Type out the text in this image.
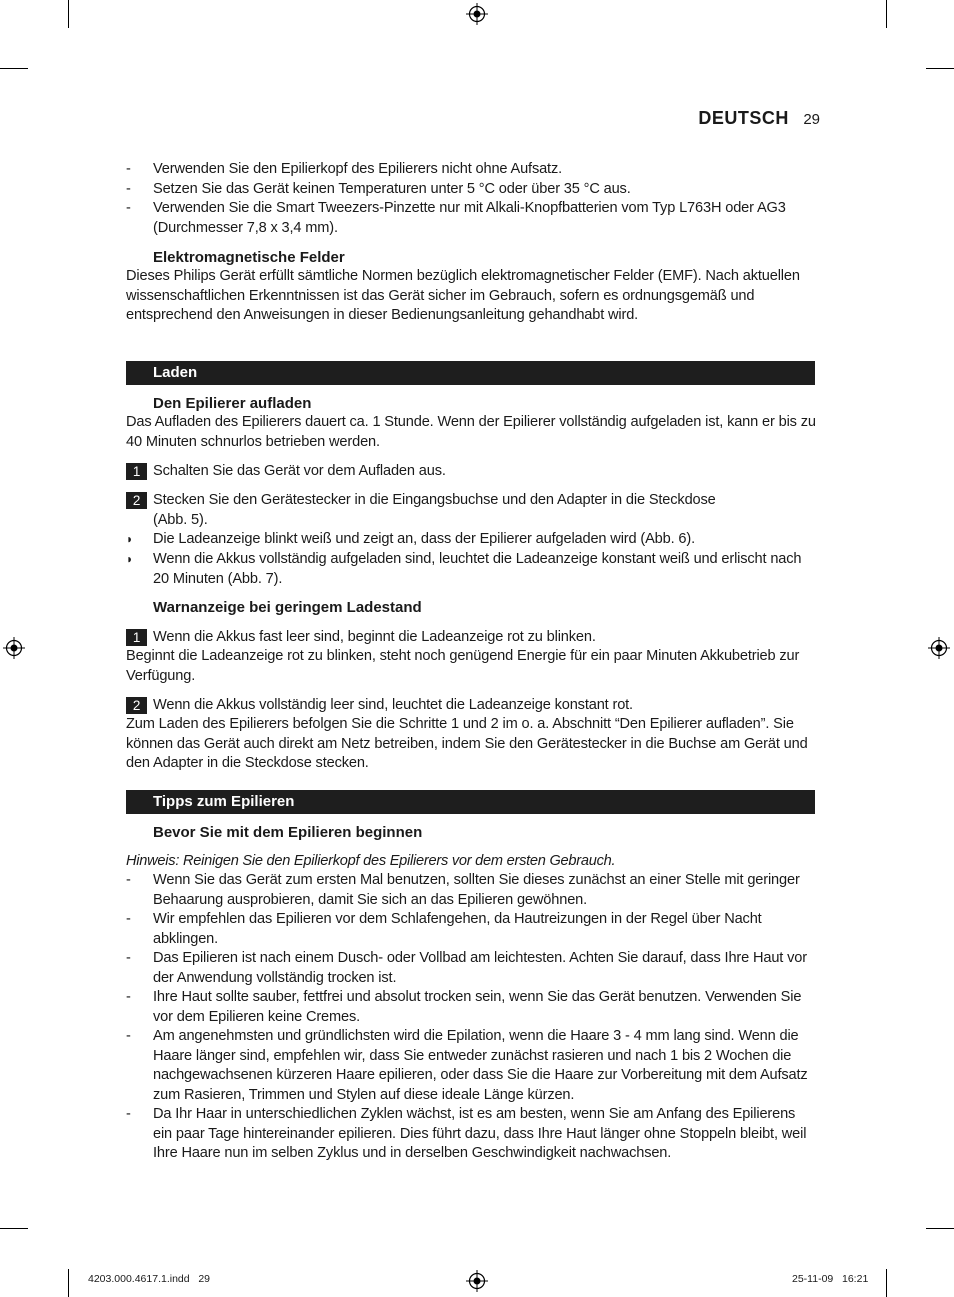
DEUTSCH 29
-	Verwenden Sie den Epilierkopf des Epilierers nicht ohne Aufsatz.
-	Setzen Sie das Gerät keinen Temperaturen unter 5 °C oder über 35 °C aus.
-	Verwenden Sie die Smart Tweezers-Pinzette nur mit Alkali-Knopfbatterien vom Typ L763H oder AG3 (Durchmesser 7,8 x 3,4 mm).
Elektromagnetische Felder
Dieses Philips Gerät erfüllt sämtliche Normen bezüglich elektromagnetischer Felder (EMF). Nach aktuellen wissenschaftlichen Erkenntnissen ist das Gerät sicher im Gebrauch, sofern es ordnungsgemäß und entsprechend den Anweisungen in dieser Bedienungsanleitung gehandhabt wird.
Laden
Den Epilierer aufladen
Das Aufladen des Epilierers dauert ca. 1 Stunde. Wenn der Epilierer vollständig aufgeladen ist, kann er bis zu 40 Minuten schnurlos betrieben werden.
1 Schalten Sie das Gerät vor dem Aufladen aus.
2 Stecken Sie den Gerätestecker in die Eingangsbuchse und den Adapter in die Steckdose (Abb. 5).
◗	Die Ladeanzeige blinkt weiß und zeigt an, dass der Epilierer aufgeladen wird (Abb. 6).
◗	Wenn die Akkus vollständig aufgeladen sind, leuchtet die Ladeanzeige konstant weiß und erlischt nach 20 Minuten (Abb. 7).
Warnanzeige bei geringem Ladestand
1 Wenn die Akkus fast leer sind, beginnt die Ladeanzeige rot zu blinken.
Beginnt die Ladeanzeige rot zu blinken, steht noch genügend Energie für ein paar Minuten Akkubetrieb zur Verfügung.
2 Wenn die Akkus vollständig leer sind, leuchtet die Ladeanzeige konstant rot.
Zum Laden des Epilierers befolgen Sie die Schritte 1 und 2 im o. a. Abschnitt “Den Epilierer aufladen”. Sie können das Gerät auch direkt am Netz betreiben, indem Sie den Gerätestecker in die Buchse am Gerät und den Adapter in die Steckdose stecken.
Tipps zum Epilieren
Bevor Sie mit dem Epilieren beginnen
Hinweis: Reinigen Sie den Epilierkopf des Epilierers vor dem ersten Gebrauch.
-	Wenn Sie das Gerät zum ersten Mal benutzen, sollten Sie dieses zunächst an einer Stelle mit geringer Behaarung ausprobieren, damit Sie sich an das Epilieren gewöhnen.
-	Wir empfehlen das Epilieren vor dem Schlafengehen, da Hautreizungen in der Regel über Nacht abklingen.
-	Das Epilieren ist nach einem Dusch- oder Vollbad am leichtesten. Achten Sie darauf, dass Ihre Haut vor der Anwendung vollständig trocken ist.
-	Ihre Haut sollte sauber, fettfrei und absolut trocken sein, wenn Sie das Gerät benutzen. Verwenden Sie vor dem Epilieren keine Cremes.
-	Am angenehmsten und gründlichsten wird die Epilation, wenn die Haare 3 - 4 mm lang sind. Wenn die Haare länger sind, empfehlen wir, dass Sie entweder zunächst rasieren und nach 1 bis 2 Wochen die nachgewachsenen kürzeren Haare epilieren, oder dass Sie die Haare zur Vorbereitung mit dem Aufsatz zum Rasieren, Trimmen und Stylen auf diese ideale Länge kürzen.
-	Da Ihr Haar in unterschiedlichen Zyklen wächst, ist es am besten, wenn Sie am Anfang des Epilierens ein paar Tage hintereinander epilieren. Dies führt dazu, dass Ihre Haut länger ohne Stoppeln bleibt, weil Ihre Haare nun im selben Zyklus und in derselben Geschwindigkeit nachwachsen.
4203.000.4617.1.indd   29	25-11-09   16:21
